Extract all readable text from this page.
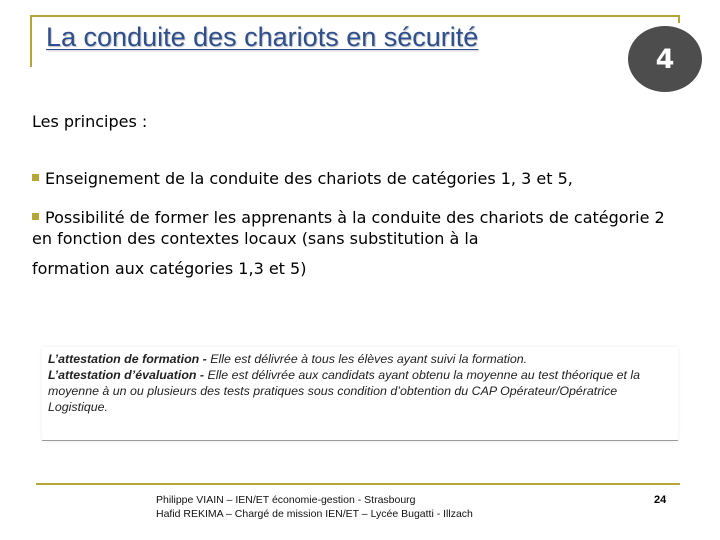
La conduite des chariots en sécurité
4
Les principes :
Enseignement de la conduite des chariots de catégories 1, 3 et 5,
Possibilité de former les apprenants à la conduite des chariots de catégorie 2 en fonction des contextes locaux (sans substitution à la
formation aux catégories 1,3 et 5)

L’attestation de formation - Elle est délivrée à tous les élèves ayant suivi la formation.

L’attestation d’évaluation - Elle est délivrée aux candidats ayant obtenu la moyenne au test théorique et la moyenne à un ou plusieurs des tests pratiques sous condition d’obtention du CAP Opérateur/Opératrice Logistique.

Philippe VIAIN – IEN/ET économie-gestion - Strasbourg
Hafid REKIMA – Chargé de mission IEN/ET – Lycée Bugatti - Illzach
24
